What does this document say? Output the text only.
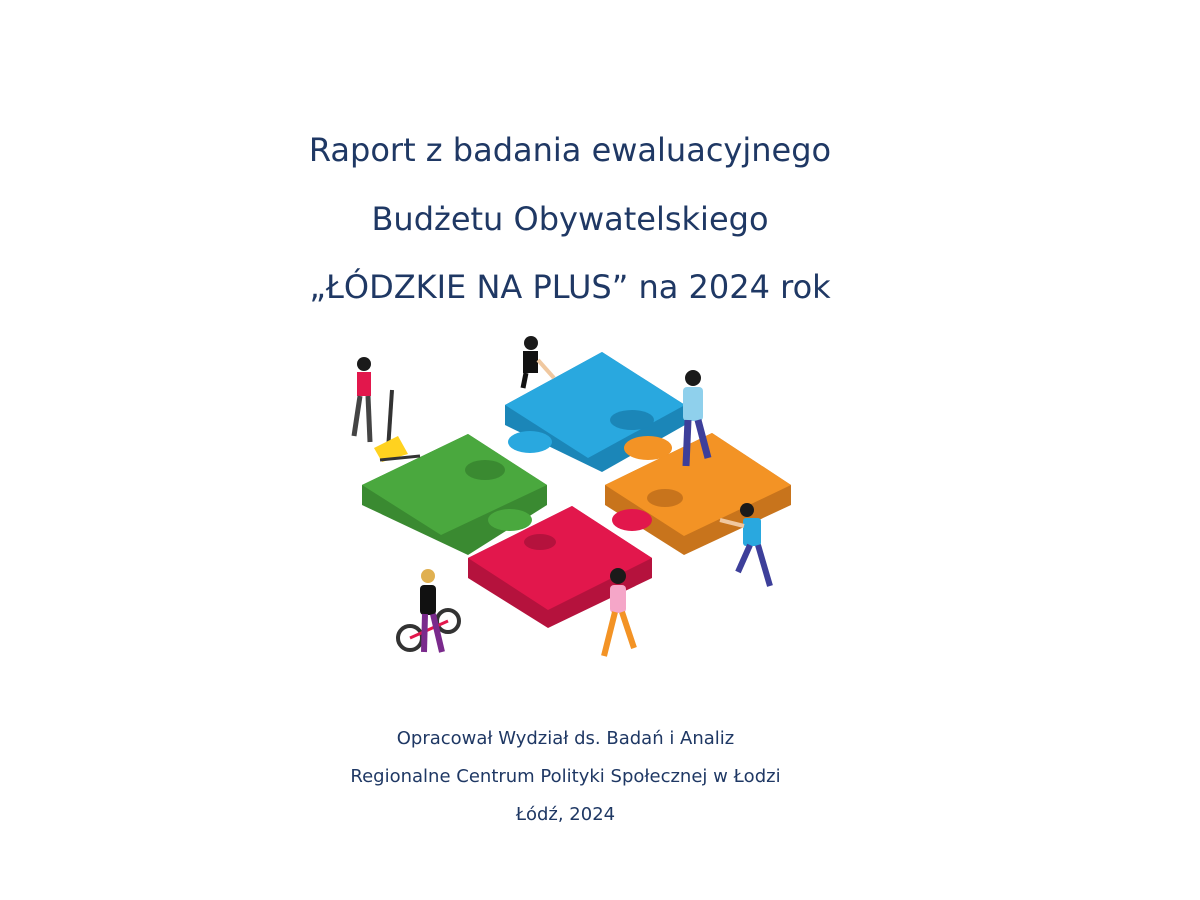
Raport z badania ewaluacyjnego
Budżetu Obywatelskiego
„ŁÓDZKIE NA PLUS” na 2024 rok
Opracował Wydział ds. Badań i Analiz
Regionalne Centrum Polityki Społecznej w Łodzi
Łódź, 2024
